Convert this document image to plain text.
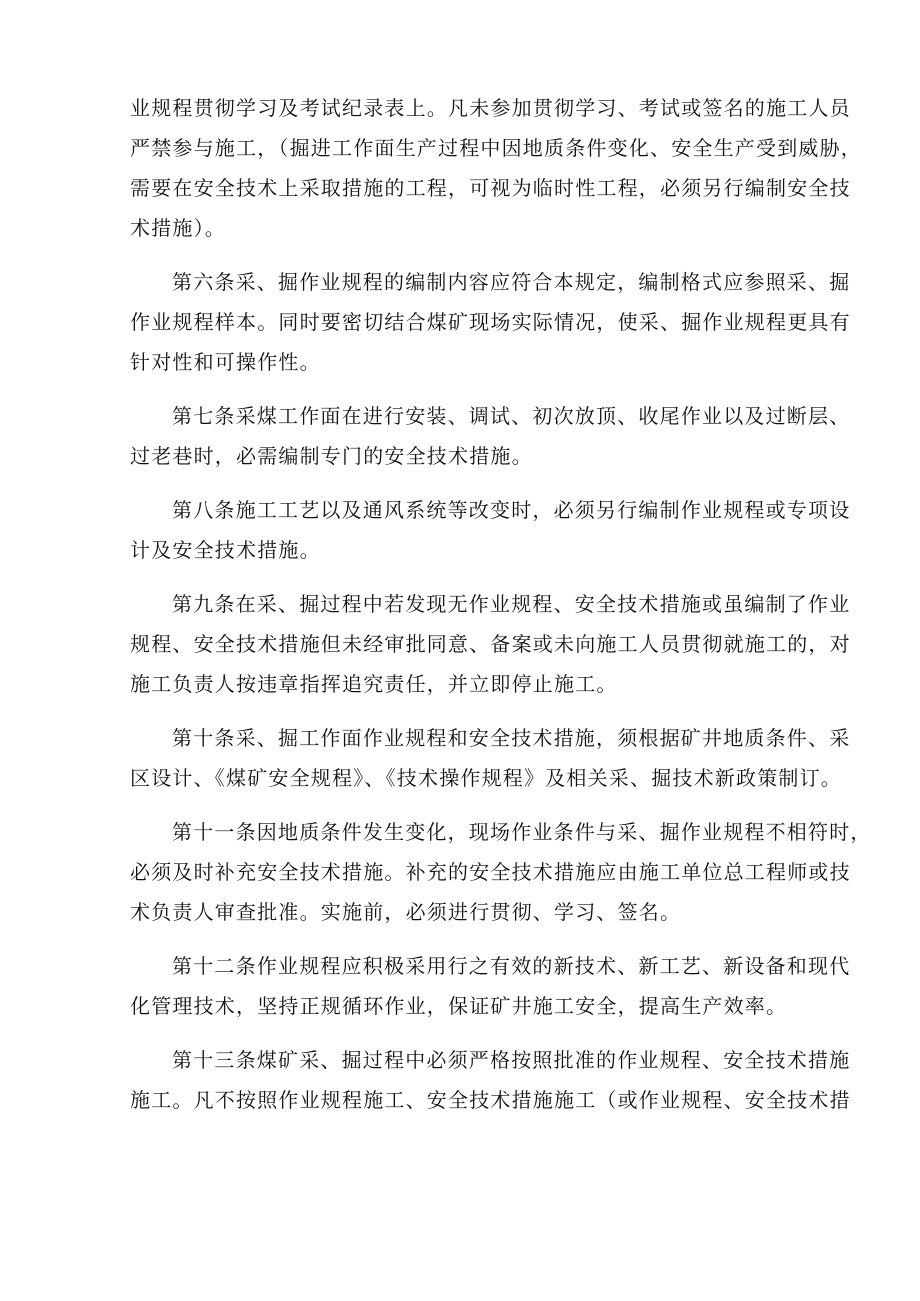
业规程贯彻学习及考试纪录表上。凡未参加贯彻学习、考试或签名的施工人员
严禁参与施工，（掘进工作面生产过程中因地质条件变化、安全生产受到威胁，
需要在安全技术上采取措施的工程，可视为临时性工程，必须另行编制安全技
术措施）。
第六条采、掘作业规程的编制内容应符合本规定，编制格式应参照采、掘
作业规程样本。同时要密切结合煤矿现场实际情况，使采、掘作业规程更具有
针对性和可操作性。
第七条采煤工作面在进行安装、调试、初次放顶、收尾作业以及过断层、
过老巷时，必需编制专门的安全技术措施。
第八条施工工艺以及通风系统等改变时，必须另行编制作业规程或专项设
计及安全技术措施。
第九条在采、掘过程中若发现无作业规程、安全技术措施或虽编制了作业
规程、安全技术措施但未经审批同意、备案或未向施工人员贯彻就施工的，对
施工负责人按违章指挥追究责任，并立即停止施工。
第十条采、掘工作面作业规程和安全技术措施，须根据矿井地质条件、采
区设计、《煤矿安全规程》、《技术操作规程》及相关采、掘技术新政策制订。
第十一条因地质条件发生变化，现场作业条件与采、掘作业规程不相符时，
必须及时补充安全技术措施。补充的安全技术措施应由施工单位总工程师或技
术负责人审查批准。实施前，必须进行贯彻、学习、签名。
第十二条作业规程应积极采用行之有效的新技术、新工艺、新设备和现代
化管理技术，坚持正规循环作业，保证矿井施工安全，提高生产效率。
第十三条煤矿采、掘过程中必须严格按照批准的作业规程、安全技术措施
施工。凡不按照作业规程施工、安全技术措施施工（或作业规程、安全技术措
